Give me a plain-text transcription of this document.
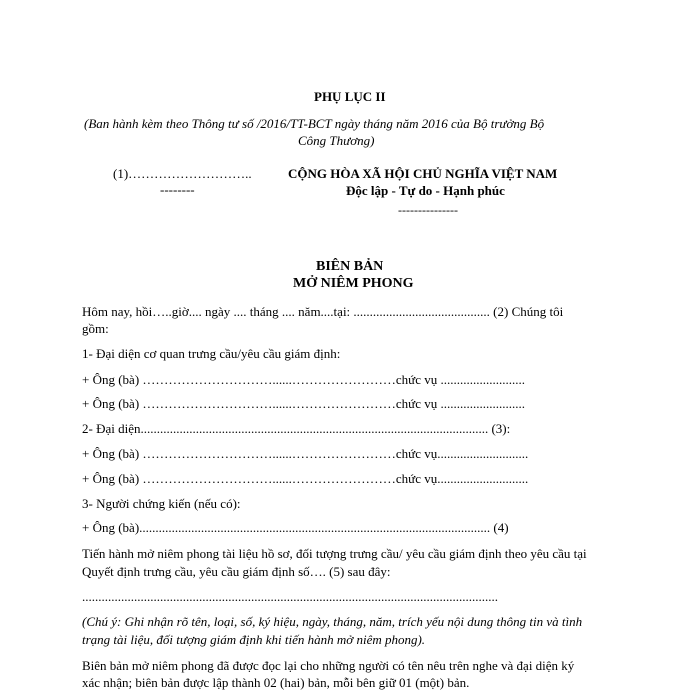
PHỤ LỤC II
(Ban hành kèm theo Thông tư số /2016/TT-BCT ngày tháng năm 2016 của Bộ trưởng Bộ
Công Thương)
(1)………………………..
--------
CỘNG HÒA XÃ HỘI CHỦ NGHĨA VIỆT NAM
Độc lập - Tự do - Hạnh phúc
---------------
BIÊN BẢN
MỞ NIÊM PHONG
Hôm nay, hồi…..giờ.... ngày .... tháng .... năm....tại: .......................................... (2) Chúng tôi
gồm:
1- Đại diện cơ quan trưng cầu/yêu cầu giám định:
+ Ông (bà) …………………………......……………………chức vụ ..........................
+ Ông (bà) …………………………......……………………chức vụ ..........................
2- Đại diện........................................................................................................... (3):
+ Ông (bà) …………………………......……………………chức vụ............................
+ Ông (bà) …………………………......……………………chức vụ............................
3- Người chứng kiến (nếu có):
+ Ông (bà)............................................................................................................ (4)
Tiến hành mở niêm phong tài liệu hồ sơ, đối tượng trưng cầu/ yêu cầu giám định theo yêu cầu tại
Quyết định trưng cầu, yêu cầu giám định số…. (5) sau đây:
................................................................................................................................
(Chú ý: Ghi nhận rõ tên, loại, số, ký hiệu, ngày, tháng, năm, trích yếu nội dung thông tin và tình
trạng tài liệu, đối tượng giám định khi tiến hành mở niêm phong).
Biên bản mở niêm phong đã được đọc lại cho những người có tên nêu trên nghe và đại diện ký
xác nhận; biên bản được lập thành 02 (hai) bản, mỗi bên giữ 01 (một) bản.
